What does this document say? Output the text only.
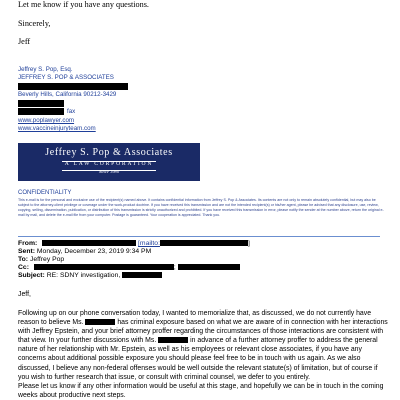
Let me know if you have any questions.
Sincerely,
Jeff
Jeffrey S. Pop, Esq.
JEFFREY S. POP & ASSOCIATES
Beverly Hills, California 90212-3429
fax
www.poplawyer.com
www.vaccineinjuryteam.com
Jeffrey S. Pop & Associates
A LAW CORPORATION
Since 1980
CONFIDENTIALITY
This e-mail is for the personal and exclusive use of the recipient(s) named above. It contains confidential information from Jeffrey S. Pop & Associates. Its contents are not only to remain absolutely confidential, but may also be subject to the attorney-client privilege or coverage under the work-product doctrine. If you have received this transmission and are not the intended recipient(s) or his/her agent, please be advised that any disclosure, use, review, copying, selling, dissemination, publication, or distribution of this transmission is strictly unauthorized and prohibited. If you have received this transmission in error, please notify the sender at the number above, return the original e-mail by mail, and delete the e-mail file from your computer. Postage is guaranteed. Your cooperation is appreciated. Thank you.
From:	[mailto:	]
Sent: Monday, December 23, 2019 9:34 PM
To: Jeffrey Pop
Cc:	;
Subject: RE: SDNY investigation,
Jeff,
Following up on our phone conversation today, I wanted to memorialize that, as discussed, we do not currently have reason to believe Ms.	has criminal exposure based on what we are aware of in connection with her interactions with Jeffrey Epstein, and your brief attorney proffer regarding the circumstances of those interactions are consistent with that view. In your further discussions with Ms.	in advance of a further attorney proffer to address the general nature of her relationship with Mr. Epstein, as well as his employees or relevant close associates, if you have any concerns about additional possible exposure you should please feel free to be in touch with us again. As we also discussed, I believe any non-federal offenses would be well outside the relevant statute(s) of limitation, but of course if you wish to further research that issue, or consult with criminal counsel, we defer to you entirely.
Please let us know if any other information would be useful at this stage, and hopefully we can be in touch in the coming weeks about productive next steps.
